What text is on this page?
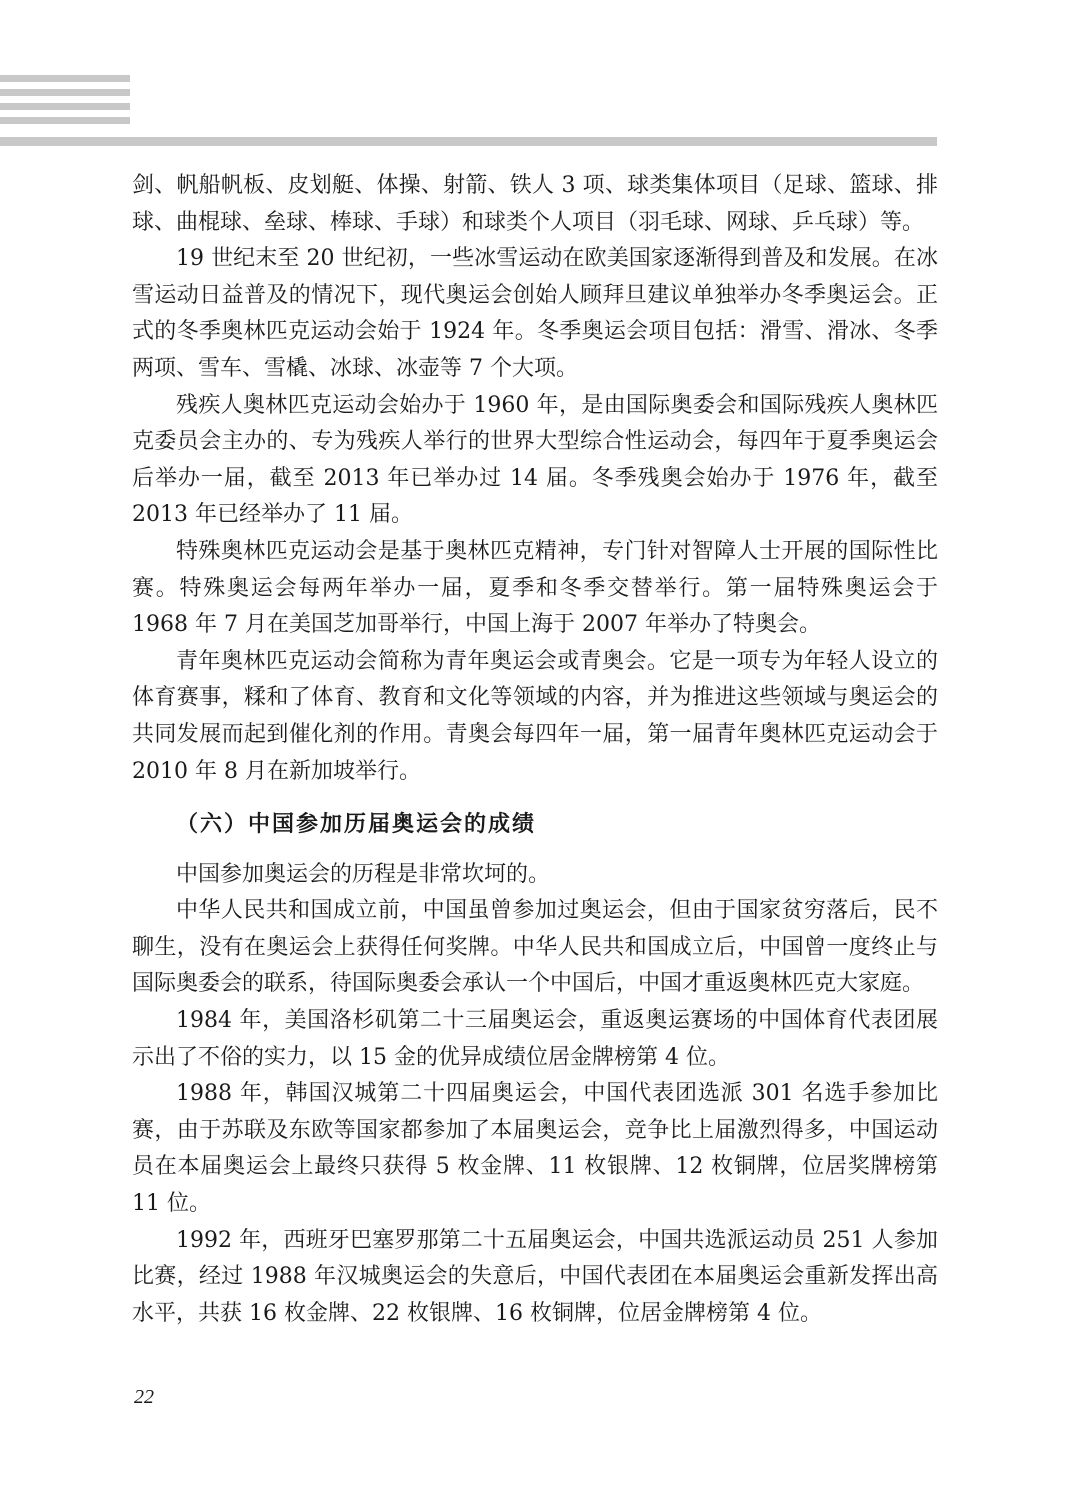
剑、帆船帆板、皮划艇、体操、射箭、铁人 3 项、球类集体项目（足球、篮球、排球、曲棍球、垒球、棒球、手球）和球类个人项目（羽毛球、网球、乒乓球）等。

19 世纪末至 20 世纪初，一些冰雪运动在欧美国家逐渐得到普及和发展。在冰雪运动日益普及的情况下，现代奥运会创始人顾拜旦建议单独举办冬季奥运会。正式的冬季奥林匹克运动会始于 1924 年。冬季奥运会项目包括：滑雪、滑冰、冬季两项、雪车、雪橇、冰球、冰壶等 7 个大项。

残疾人奥林匹克运动会始办于 1960 年，是由国际奥委会和国际残疾人奥林匹克委员会主办的、专为残疾人举行的世界大型综合性运动会，每四年于夏季奥运会后举办一届，截至 2013 年已举办过 14 届。冬季残奥会始办于 1976 年，截至 2013 年已经举办了 11 届。

特殊奥林匹克运动会是基于奥林匹克精神，专门针对智障人士开展的国际性比赛。特殊奥运会每两年举办一届，夏季和冬季交替举行。第一届特殊奥运会于 1968 年 7 月在美国芝加哥举行，中国上海于 2007 年举办了特奥会。

青年奥林匹克运动会简称为青年奥运会或青奥会。它是一项专为年轻人设立的体育赛事，糅和了体育、教育和文化等领域的内容，并为推进这些领域与奥运会的共同发展而起到催化剂的作用。青奥会每四年一届，第一届青年奥林匹克运动会于 2010 年 8 月在新加坡举行。

（六）中国参加历届奥运会的成绩

中国参加奥运会的历程是非常坎坷的。

中华人民共和国成立前，中国虽曾参加过奥运会，但由于国家贫穷落后，民不聊生，没有在奥运会上获得任何奖牌。中华人民共和国成立后，中国曾一度终止与国际奥委会的联系，待国际奥委会承认一个中国后，中国才重返奥林匹克大家庭。

1984 年，美国洛杉矶第二十三届奥运会，重返奥运赛场的中国体育代表团展示出了不俗的实力，以 15 金的优异成绩位居金牌榜第 4 位。

1988 年，韩国汉城第二十四届奥运会，中国代表团选派 301 名选手参加比赛，由于苏联及东欧等国家都参加了本届奥运会，竞争比上届激烈得多，中国运动员在本届奥运会上最终只获得 5 枚金牌、11 枚银牌、12 枚铜牌，位居奖牌榜第 11 位。

1992 年，西班牙巴塞罗那第二十五届奥运会，中国共选派运动员 251 人参加比赛，经过 1988 年汉城奥运会的失意后，中国代表团在本届奥运会重新发挥出高水平，共获 16 枚金牌、22 枚银牌、16 枚铜牌，位居金牌榜第 4 位。

22
